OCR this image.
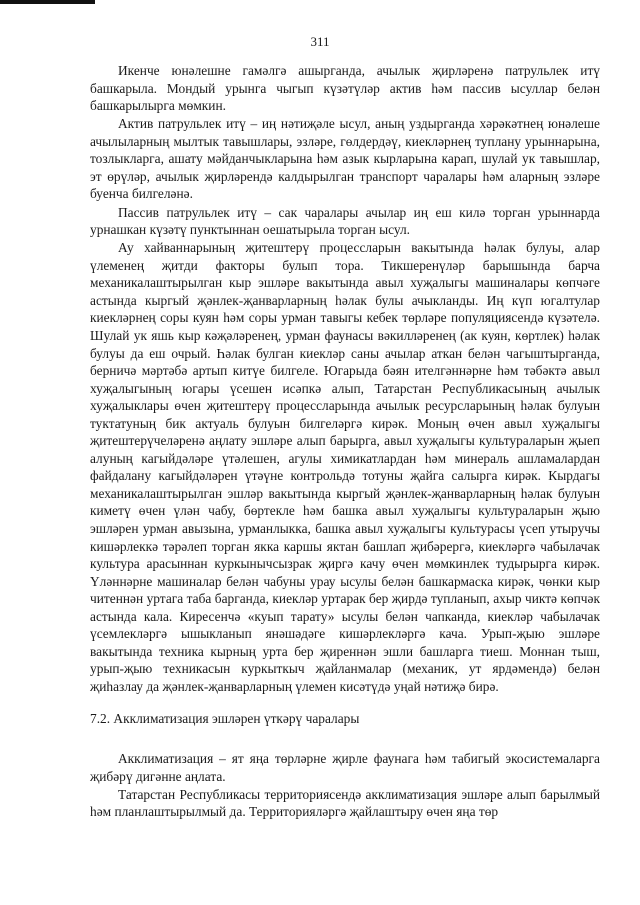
311

Икенче юнәлешне гамәлгә ашырганда, ачылык җирләренә патрульлек итү башкарыла. Мондый урынга чыгып күзәтүләр актив һәм пассив ысуллар белән башкарылырга мөмкин.

Актив патрульлек итү – иң нәтиҗәле ысул, аның уздырганда хәрәкәтнең юнәлеше ачылыларның мылтык тавышлары, эзләре, гөлдердәү, киекләрнең туплану урыннарына, тозлыкларга, ашату мәйданчыкларына һәм азык кырларына карап, шулай ук тавышлар, эт өрүләр, ачылык җирләрендә калдырылган транспорт чаралары һәм аларның эзләре буенча билгеләнә.

Пассив патрульлек итү – сак чаралары ачылар иң еш килә торган урыннарда урнашкан күзәтү пунктыннан оешатырыла торган ысул.

Ау хайваннарының җитештерү процессларын вакытында һәлак булуы, алар үлеменең җитди факторы булып тора. Тикшеренүләр барышында барча механикалаштырылган кыр эшләре вакытында авыл хуҗалыгы машиналары көпчәге астында кыргый җәнлек-җанварларның һәлак булы ачыкланды. Иң күп югалтулар киекләрнең соры куян һәм соры урман тавыгы кебек төрләре популяциясендә күзәтелә. Шулай ук яшь кыр кәҗәләренең, урман фаунасы вәкилләренең (ак куян, көртлек) һәлак булуы да еш очрый. Һәлак булган киекләр саны ачылар аткан белән чагыштырганда, берничә мәртәбә артып китүе билгеле. Югарыда бәян ителгәннәрне һәм тәбәктә авыл хуҗалыгының югары үсешен исәпкә алып, Татарстан Республикасының ачылык хуҗалыклары өчен җитештерү процессларында ачылык ресурсларының һәлак булуын туктатуның бик актуаль булуын билгеләргә кирәк. Моның өчен авыл хуҗалыгы җитештерүчеләренә аңлату эшләре алып барырга, авыл хуҗалыгы культураларын җыеп алуның кагыйдәләре үтәлешен, агулы химикатлардан һәм минераль ашламалардан файдалану кагыйдәләрен үтәүне контрольдә тотуны җайга салырга кирәк. Кырдагы механикалаштырылган эшләр вакытында кыргый җәнлек-җанварларның һәлак булуын киметү өчен үлән чабу, бөртекле һәм башка авыл хуҗалыгы культураларын җыю эшләрен урман авызына, урманлыкка, башка авыл хуҗалыгы культурасы үсеп утыручы кишәрлеккә тәрәлеп торган якка каршы яктан башлап җибәрергә, киекләргә чабылачак культура арасыннан куркынычсызрак җиргә качу өчен мөмкинлек тудырырга кирәк. Үләннәрне машиналар белән чабуны урау ысулы белән башкармаска кирәк, чөнки кыр читеннән уртага таба барганда, киекләр уртарак бер җирдә тупланып, ахыр чиктә көпчәк астында кала. Киресенчә «куып тарату» ысулы белән чапканда, киекләр чабылачак үсемлекләргә ышыкланып янәшәдәге кишәрлекләргә кача. Урып-җыю эшләре вакытында техника кырның урта бер җиреннән эшли башларга тиеш. Моннан тыш, урып-җыю техникасын куркыткыч җайланмалар (механик, ут ярдәмендә) белән җиһазлау да җәнлек-җанварларның үлемен кисәтүдә уңай нәтиҗә бирә.

7.2. Акклиматизация эшләрен үткәрү чаралары

Акклиматизация – ят яңа төрләрне җирле фаунага һәм табигый экосистемаларга җибәрү дигәнне аңлата.

Татарстан Республикасы территориясендә акклиматизация эшләре алып барылмый һәм планлаштырылмый да. Территорияләргә җайлаштыру өчен яңа төр
